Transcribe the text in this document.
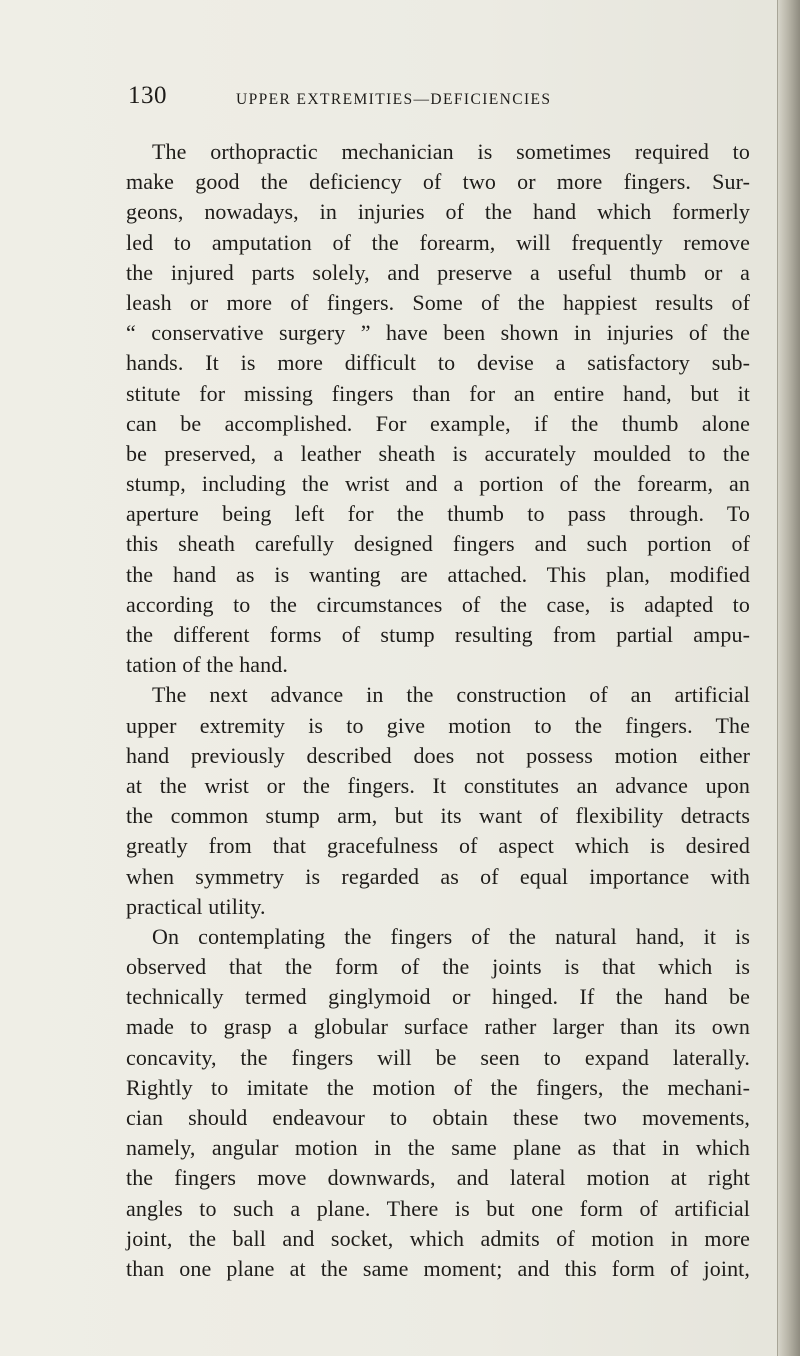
130	UPPER EXTREMITIES—DEFICIENCIES
The orthopractic mechanician is sometimes required to
make good the deficiency of two or more fingers. Sur-
geons, nowadays, in injuries of the hand which formerly
led to amputation of the forearm, will frequently remove
the injured parts solely, and preserve a useful thumb or a
leash or more of fingers. Some of the happiest results of
“ conservative surgery ” have been shown in injuries of the
hands. It is more difficult to devise a satisfactory sub-
stitute for missing fingers than for an entire hand, but it
can be accomplished. For example, if the thumb alone
be preserved, a leather sheath is accurately moulded to the
stump, including the wrist and a portion of the forearm, an
aperture being left for the thumb to pass through. To
this sheath carefully designed fingers and such portion of
the hand as is wanting are attached. This plan, modified
according to the circumstances of the case, is adapted to
the different forms of stump resulting from partial ampu-
tation of the hand.
The next advance in the construction of an artificial
upper extremity is to give motion to the fingers. The
hand previously described does not possess motion either
at the wrist or the fingers. It constitutes an advance upon
the common stump arm, but its want of flexibility detracts
greatly from that gracefulness of aspect which is desired
when symmetry is regarded as of equal importance with
practical utility.
On contemplating the fingers of the natural hand, it is
observed that the form of the joints is that which is
technically termed ginglymoid or hinged. If the hand be
made to grasp a globular surface rather larger than its own
concavity, the fingers will be seen to expand laterally.
Rightly to imitate the motion of the fingers, the mechani-
cian should endeavour to obtain these two movements,
namely, angular motion in the same plane as that in which
the fingers move downwards, and lateral motion at right
angles to such a plane. There is but one form of artificial
joint, the ball and socket, which admits of motion in more
than one plane at the same moment; and this form of joint,
